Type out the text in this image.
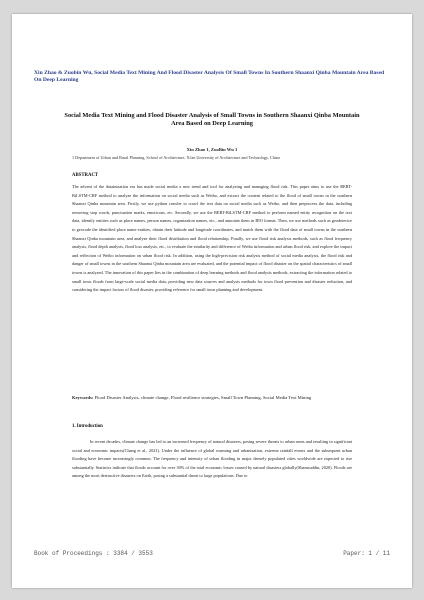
Xin Zhao & Zuobin Wu, Social Media Text Mining And Flood Disaster Analysis Of Small Towns In Southern Shaanxi Qinba Mountain Area Based On Deep Learning
Social Media Text Mining and Flood Disaster Analysis of Small Towns in Southern Shaanxi Qinba Mountain Area Based on Deep Learning
Xin Zhao 1, ZuoBin Wu 1
1 Department of Urban and Rural Planning, School of Architecture, Xi'an University of Architecture and Technology, China
ABSTRACT

The advent of the datainization era has made social media a new trend and tool for analyzing and managing flood risk. This paper aims to use the BERT-BiLSTM-CRF method to analyze the information on social media such as Weibo, and extract the content related to the flood of small towns in the southern Shaanxi Qinba mountain area. Firstly, we use python crawler to crawl the text data on social media such as Weibo, and then preprocess the data, including removing stop words, punctuation marks, emoticons, etc. Secondly, we use the BERT-BiLSTM-CRF method to perform named entity recognition on the text data, identify entities such as place names, person names, organization names, etc., and annotate them in BIO format. Then, we use methods such as geodetector to geocode the identified place name entities, obtain their latitude and longitude coordinates, and match them with the flood data of small towns in the southern Shaanxi Qinba mountain area, and analyze their flood distribution and flood relationship. Finally, we use flood risk analysis methods, such as flood frequency analysis, flood depth analysis, flood loss analysis, etc., to evaluate the similarity and difference of Weibo information and urban flood risk, and explore the impact and reflection of Weibo information on urban flood risk. In addition, using the high-precision risk analysis method of social media analysis, the flood risk and danger of small towns in the southern Shaanxi Qinba mountain area are evaluated, and the potential impact of flood disaster on the spatial characteristics of small towns is analyzed. The innovation of this paper lies in the combination of deep learning methods and flood analysis methods, extracting the information related to small town floods from large-scale social media data, providing new data sources and analysis methods for town flood prevention and disaster reduction, and considering the impact factors of flood disaster, providing reference for small town planning and development.

Keywords: Flood Disaster Analysis, climate change, Flood resilience strategies, Small Town Planning, Social Media Text Mining
1. Introduction

In recent decades, climate change has led to an increased frequency of natural disasters, posing severe threats to urban areas and resulting in significant social and economic impacts(Chang et al., 2021). Under the influence of global warming and urbanization, extreme rainfall events and the subsequent urban flooding have become increasingly common. The frequency and intensity of urban flooding in major densely populated cities worldwide are expected to rise substantially. Statistics indicate that floods account for over 30% of the total economic losses caused by natural disasters globally(Shamsuddin, 2020). Floods are among the most destructive disasters on Earth, posing a substantial threat to large populations. Due to

Book of Proceedings : 3384 / 3553	Paper: 1 / 11
